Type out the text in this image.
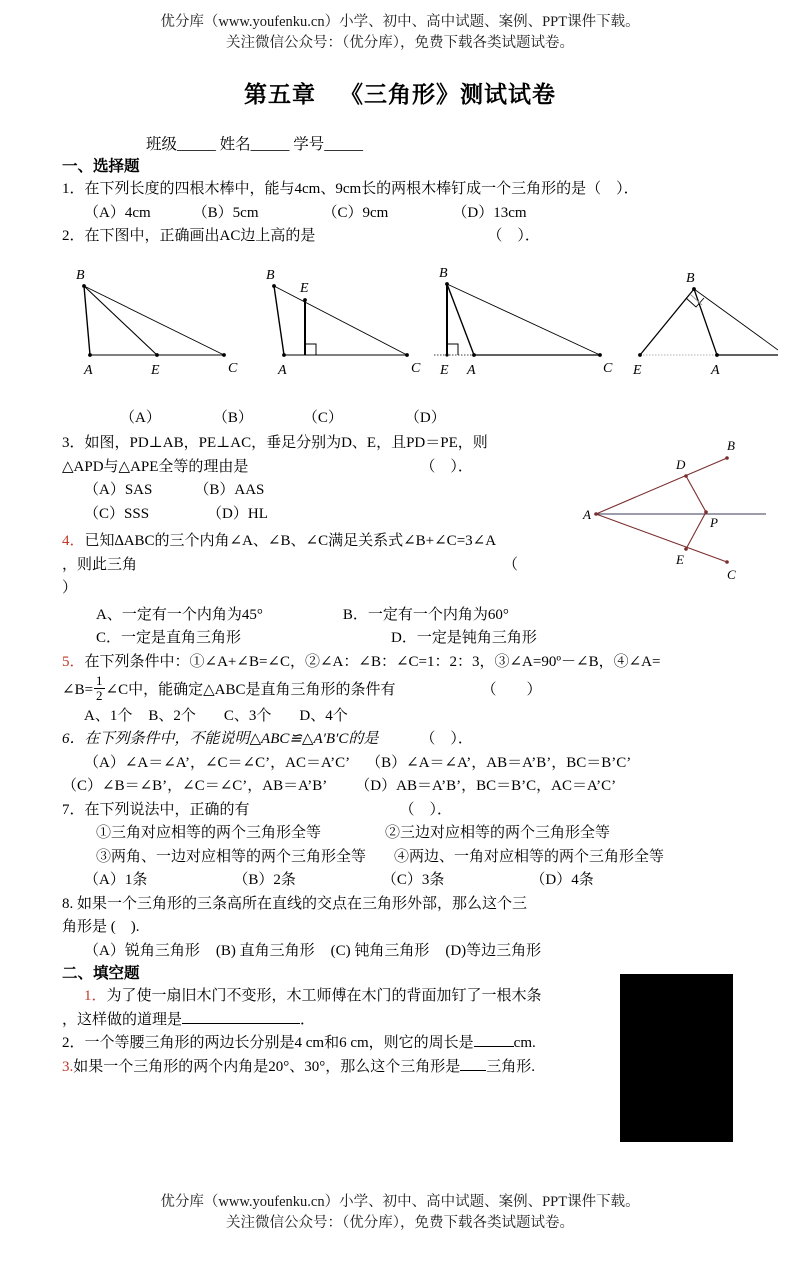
优分库（www.youfenku.cn）小学、初中、高中试题、案例、PPT课件下载。
关注微信公众号：（优分库），免费下载各类试题试卷。
第五章 《三角形》测试试卷
班级_____ 姓名_____ 学号_____
一、选择题
1．在下列长度的四根木棒中，能与4cm、9cm长的两根木棒钉成一个三角形的是（　）．
（A）4cm	（B）5cm	（C）9cm	（D）13cm
2．在下图中，正确画出AC边上高的是	（　）．
B
A	E	C
B
E
A	C
B
E A	C
B
E	A
（A）	（B）	（C）	（D）
A
B
C
D
E
P
3．如图，PD⊥AB，PE⊥AC，垂足分别为D、E，且PD＝PE，则
△APD与△APE全等的理由是	（　）．
（A）SAS	（B）AAS
（C）SSS	（D）HL
4．已知∆ABC的三个内角∠A、∠B、∠C满足关系式∠B+∠C=3∠A
，则此三角	（
）
A、一定有一个内角为45°	B．一定有一个内角为60°
C．一定是直角三角形	D．一定是钝角三角形
5．在下列条件中：①∠A+∠B=∠C，②∠A：∠B：∠C=1：2：3，③∠A=90º－∠B，④∠A=
∠B= $\frac{1}{2}$ ∠C中，能确定△ABC是直角三角形的条件有	（　　）
A、1个 B、2个 C、3个 D、4个
6．在下列条件中，不能说明△ABC≌△A′B′C的是	（　）．
（A）∠A＝∠A’，∠C＝∠C’，AC＝A’C’ （B）∠A＝∠A’，AB＝A’B’，BC＝B’C’
（C）∠B＝∠B’，∠C＝∠C’，AB＝A’B’ （D）AB＝A’B’，BC＝B’C，AC＝A’C’
7．在下列说法中，正确的有	（　）．
①三角对应相等的两个三角形全等	②三边对应相等的两个三角形全等
③两角、一边对应相等的两个三角形全等 ④两边、一角对应相等的两个三角形全等
（A）1条	（B）2条	（C）3条	（D）4条
8. 如果一个三角形的三条高所在直线的交点在三角形外部，那么这个三
角形是 (　).
（A）锐角三角形 (B) 直角三角形 (C) 钝角三角形 (D)等边三角形
二、填空题
1．为了使一扇旧木门不变形，木工师傅在木门的背面加钉了一根木条
，这样做的道理是	．
2．一个等腰三角形的两边长分别是4 cm和6 cm，则它的周长是	cm.
3.如果一个三角形的两个内角是20°、30°，那么这个三角形是 三角形.
优分库（www.youfenku.cn）小学、初中、高中试题、案例、PPT课件下载。
关注微信公众号：（优分库），免费下载各类试题试卷。
